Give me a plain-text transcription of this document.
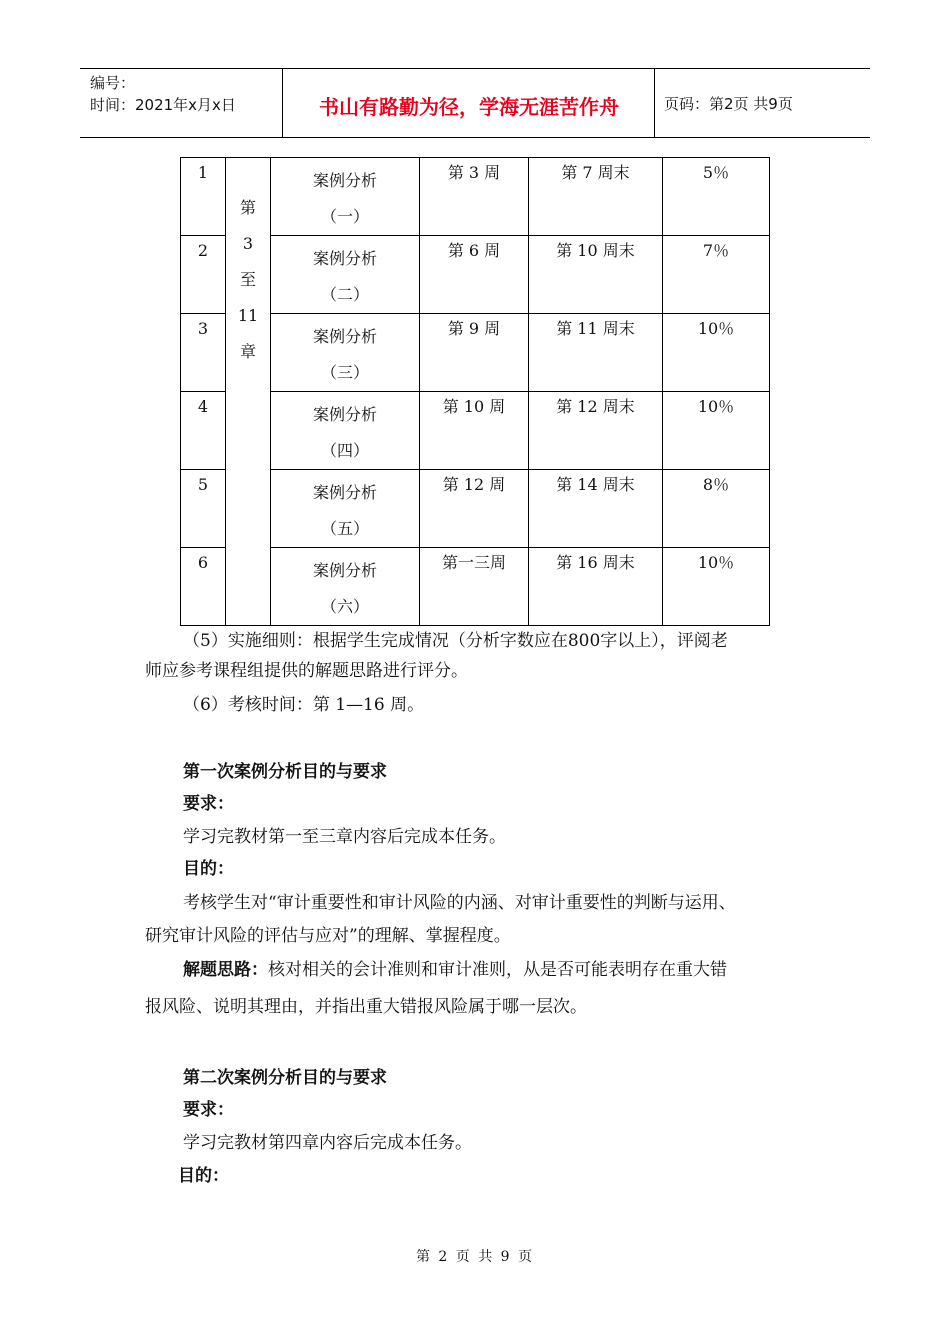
编号：
时间：2021年x月x日	书山有路勤为径，学海无涯苦作舟	页码：第2页 共9页
1	第
3
至
11
章	案例分析
（一）	第 3 周	第 7 周末	5％

2		案例分析
（二）	第 6 周	第 10 周末	7％

3		案例分析
（三）	第 9 周	第 11 周末	10％

4		案例分析
（四）	第 10 周	第 12 周末	10％

5		案例分析
（五）	第 12 周	第 14 周末	8％

6		案例分析
（六）	第一三周	第 16 周末	10％
（5）实施细则：根据学生完成情况（分析字数应在800字以上），评阅老
师应参考课程组提供的解题思路进行评分。
（6）考核时间：第 1—16 周。
第一次案例分析目的与要求
要求：
学习完教材第一至三章内容后完成本任务。
目的：
考核学生对“审计重要性和审计风险的内涵、对审计重要性的判断与运用、
研究审计风险的评估与应对”的理解、掌握程度。
解题思路：核对相关的会计准则和审计准则，从是否可能表明存在重大错
报风险、说明其理由，并指出重大错报风险属于哪一层次。
第二次案例分析目的与要求
要求：
学习完教材第四章内容后完成本任务。
目的：
第 2 页 共 9 页
